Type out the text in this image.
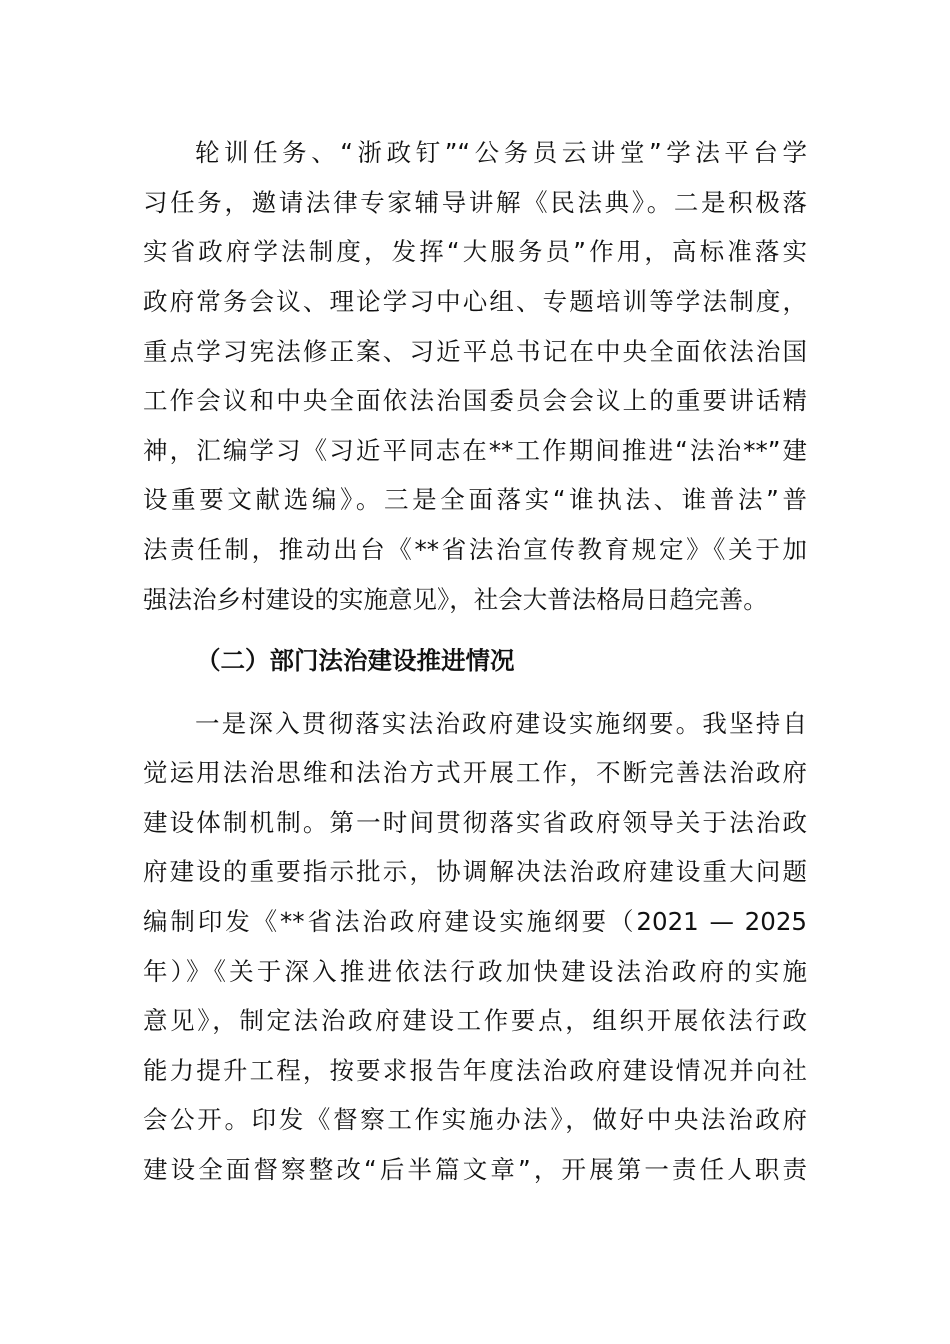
轮训任务、“浙政钉”“公务员云讲堂”学法平台学
习任务，邀请法律专家辅导讲解《民法典》。二是积极落
实省政府学法制度，发挥“大服务员”作用，高标准落实
政府常务会议、理论学习中心组、专题培训等学法制度，
重点学习宪法修正案、习近平总书记在中央全面依法治国
工作会议和中央全面依法治国委员会会议上的重要讲话精
神，汇编学习《习近平同志在**工作期间推进“法治**”建
设重要文献选编》。三是全面落实“谁执法、谁普法”普
法责任制，推动出台《**省法治宣传教育规定》《关于加
强法治乡村建设的实施意见》，社会大普法格局日趋完善。
（二）部门法治建设推进情况
一是深入贯彻落实法治政府建设实施纲要。我坚持自
觉运用法治思维和法治方式开展工作，不断完善法治政府
建设体制机制。第一时间贯彻落实省政府领导关于法治政
府建设的重要指示批示，协调解决法治政府建设重大问题
编制印发《**省法治政府建设实施纲要（2021 — 2025
年）》《关于深入推进依法行政加快建设法治政府的实施
意见》，制定法治政府建设工作要点，组织开展依法行政
能力提升工程，按要求报告年度法治政府建设情况并向社
会公开。印发《督察工作实施办法》，做好中央法治政府
建设全面督察整改“后半篇文章”，开展第一责任人职责
